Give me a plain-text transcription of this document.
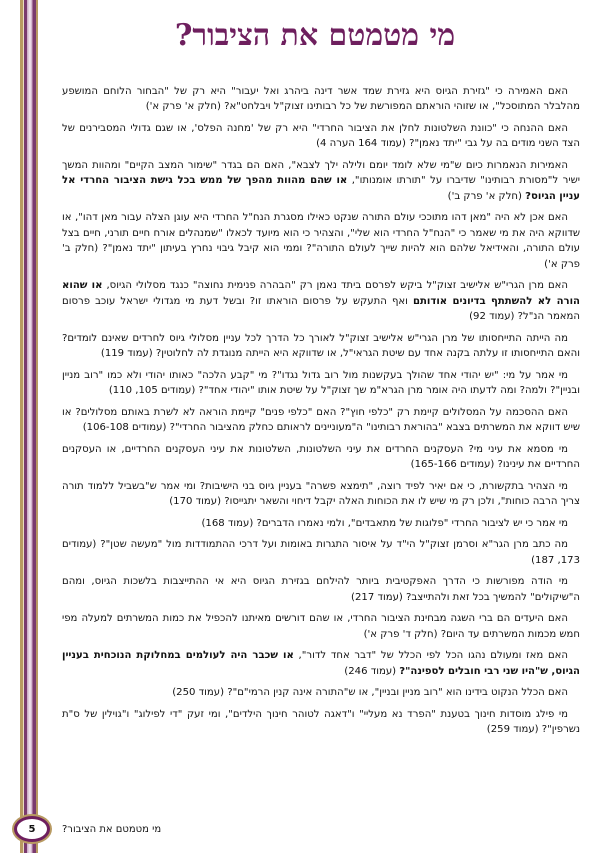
מי מטמטם את הציבור?

האם האמירה כי "גזירת הגיוס היא גזירת שמד אשר דינה ביהרג ואל יעבור" היא רק של "הבחור הלוחם המושפע מהלבלר המתוסכל", או שזוהי הוראתם המפורשת של כל רבותינו זצוק"ל ויבלחט"א? (חלק א' פרק א')

האם ההנחה כי "כוונת השלטונות לחלן את הציבור החרדי" היא רק של 'מחנה הפלס', או שגם גדולי המסבירנים של הצד השני מודים בה על גבי "יתד נאמן"? (עמוד 164 הערה 4)

האמירות הנאמרות כיום ש"מי שלא לומד יומם ולילה ילך לצבא", האם הם בגדר "שימור המצב הקיים" ומהוות המשך ישיר ל"מסורת רבותינו" שדיברו על "תורתו אומנותו", או שהם מהוות מהפך של ממש בכל גישת הציבור החרדי אל עניין הגיוס? (חלק א' פרק ב')

האם אכן לא היה "מאן דהו מתוככי עולם התורה שנקט כאילו מסגרת הנח"ל החרדי היא עוגן הצלה עבור מאן דהו", או שדווקא היה את מי שאמר כי "הנח"ל החרדי הוא שלי", והצהיר כי הוא מיועד לכאלו "שמנהלים אורח חיים תורני, חיים בצל עולם התורה, והאידיאל שלהם הוא להיות שייך לעולם התורה"? וממי הוא קיבל גיבוי נחרץ בעיתון "יתד נאמן"? (חלק ב' פרק א')

האם מרן הגרי"ש אלישיב זצוק"ל ביקש לפרסם ביתד נאמן רק "הבהרה פנימית נחוצה" כנגד מסלולי הגיוס, או שהוא הורה לא להשתתף בדיונים אודותם ואף התעקש על פרסום הוראתו זו? ובשל דעת מי מגדולי ישראל עוכב פרסום המאמר הנ"ל? (עמוד 92)

מה הייתה התייחסותו של מרן הגרי"ש אלישיב זצוק"ל לאורך כל הדרך לכל עניין מסלולי גיוס לחרדים שאינם לומדים? והאם התייחסותו זו עלתה בקנה אחד עם שיטת הגראי"ל, או שדווקא היא הייתה מנוגדת לה לחלוטין? (עמוד 119)

מי אמר על מי: "יש יהודי אחד שהולך בעקשנות מול רוב גדול נגדו"? מי "קבע הלכה" כאותו יהודי ולא כמו "רוב מניין ובניין"? ולמה? ומה לדעתו היה אומר מרן הגרא"מ שך זצוק"ל על שיטת אותו "יהודי אחד"? (עמודים 105, 110)

האם ההסכמה על המסלולים קיימת רק "כלפי חוץ"? האם "כלפי פנים" קיימת הוראה לא לשרת באותם מסלולים? או שיש דווקא את המשרתים בצבא "בהוראת רבותינו" ה"מעוניינים לראותם כחלק מהציבור החרדי"? (עמודים 106-108)

מי מסמא את עיני מי? העסקנים החרדים את עיני השלטונות, השלטונות את עיני העסקנים החרדיים, או העסקנים החרדיים את עינינו? (עמודים 165-166)

מי הצהיר בתקשורת, כי אם יאיר לפיד רוצה, "תימצא פשרה" בעניין גיוס בני הישיבות? ומי אמר ש"בשביל ללמוד תורה צריך הרבה כוחות", ולכן רק מי שיש לו את הכוחות האלה יקבל דיחוי והשאר יתגייסו? (עמוד 170)

מי אמר כי יש לציבור החרדי "פלוגות של מתאבדים", ולמי נאמרו הדברים? (עמוד 168)

מה כתב מרן הגר"א וסרמן זצוק"ל הי"ד על איסור התגרות באומות ועל דרכי ההתמודדות מול "מעשה שטן"? (עמודים 173, 187)

מי הודה מפורשות כי הדרך האפקטיבית ביותר להילחם בגזירת הגיוס היא אי ההתייצבות בלשכות הגיוס, ומהם ה"שיקולים" להמשיך בכל זאת ולהתייצב? (עמוד 217)

האם היעדים הם ברי השגה מבחינת הציבור החרדי, או שהם דורשים מאיתנו להכפיל את כמות המשרתים למעלה מפי חמש מכמות המשרתים עד היום? (חלק ד' פרק א')

האם מאז ומעולם נהגו הכל לפי הכלל של "דבר אחד לדור", או שכבר היה לעולמים במחלוקת הנוכחית בעניין הגיוס, ש"היו שני רבי חובלים לספינה"? (עמוד 246)

האם הכלל הנקוט בידינו הוא "רוב מניין ובניין", או ש"התורה אינה קנין הרמי"ם"? (עמוד 250)

מי פילג מוסדות חינוך בטענת "הפרד נא מעליי" ו"דאגה לטוהר חינוך הילדים", ומי זעק "די לפילוג" ו"גוילין של ס"ת נשרפין"? (עמוד 259)

5	מי מטמטם את הציבור?
